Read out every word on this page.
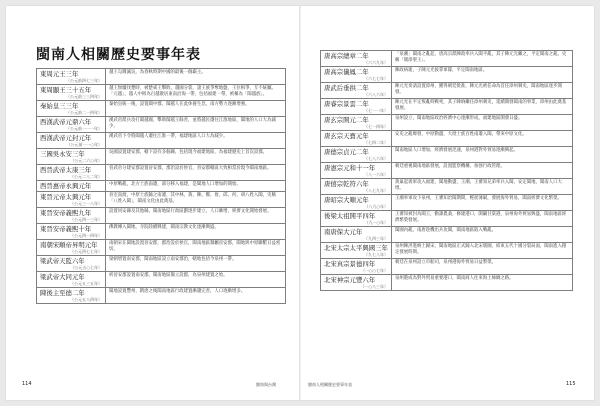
閩南人相關歷史要事年表
東周元王三年
（公元前四七三年）	越王勾踐滅吳，為春秋時期中國的最後一個霸主。

東周顯王三十五年
（公元前三三四年）	越王無疆伐楚時，被楚威王擊敗，越國分裂，諸王族爭奪地盤，王位相爭，互不統屬。「元越」，越人中則為百越散居東南沿海一帶，包括福建一帶，被稱為「閩越族」。

秦始皇三三年
（公元前二一四年）	秦始皇統一後，設置閩中郡，閩越人在此休養生息，南方勢力逐漸增強。

西漢武帝元鼎六年
（公元前一一一年）	漢武帝派兵攻打閩越國，擊敗閩越王餘善，並將越民遷往江淮地區，閩地的人口大為減少。

西漢武帝元封元年
（公元前一一○年）	漢武帝下令將閩越人遷往江淮一帶，福建地區人口大為減少。

三國吳永安三年
（公元二六○年）	吳國設置建安郡，轄下設有多個縣，包括現今福建地區，為福建歷史上首次設郡。

西晉武帝太康三年
（公元二八二年）	晉武帝分建安郡設置晉安郡，郡治設於侯官，晉安郡轄區大致相當於現今閩南地區。

西晉惠帝永興元年	中原戰亂，北方士族南遷，部分移入福建，是閩地人口增加的開始。

東晉元帝太興元年
（公元三一八年）	晉室南渡，中原士族隨之南遷，其中林、黃、陳、鄭、詹、邱、何、胡八姓入閩，史稱「八姓入閩」，閩南文化由此奠基。

東晉安帝義熙九年
（公元四一三年）	設置同安縣及其他縣，閩南地區行政區劃逐步建立，人口漸增，經濟文化開始發展。

東晉安帝義熙十年
（公元四一四年）	佛教傳入閩地，寺院陸續興建，閩南宗教文化逐漸興盛。

南朝宋順帝昇明元年
（公元四七七年）	南朝宋在閩地設置晉安郡，郡治設於侯官，閩南地區隸屬晉安郡，閩地與中原聯繫日益密切。

梁武帝天監六年
（公元五○七年）	梁朝增置南安郡，閩南地區設立南安郡治，轄地包括今泉州一帶。

梁武帝大同元年
（公元五三五年）	析晉安郡設置南安郡，閩南地區獨立設郡，為泉州建置之始。

陳後主至德二年
（公元五八四年）	閩地設置豐州，隋唐之後閩南地區行政建置漸趨完善，人口逐漸增多。
唐高宗總章二年
（六六九年）	「泉潮」閩南之亂起，唐高宗派陳政率兵入閩平亂，其子陳元光繼之，平定閩南之亂，史稱「開漳聖王」。

唐高宗儀鳳二年
（六七七年）	陳政病逝，子陳元光接掌軍隊，平定閩南地區。

唐武后垂拱二年
（六八六年）	陳元光奏請設置漳州，獲得朝廷批准，陳元光被任命為首任漳州刺史，閩南地區逐步開發。

唐睿宗景雲二年
（七一一年）	陳元光在平定叛亂時戰死，其子陳珦繼任漳州刺史，延續開發閩南的事業，漳州由此奠基發展。

唐玄宗開元二年
（七一四年）	泉州設立，閩南地區政治經濟中心逐漸形成，福建地區開發日盛。

唐玄宗天寶元年
（七四二年）	安史之亂爆發，中原動盪，大批士族百姓南遷入閩，帶來中原文化。

唐德宗貞元二年
（七八六年）	閩南地區人口增加，經濟發展迅速，泉州港對外貿易逐漸興起。

唐憲宗元和十一年
（八一六年）	朝廷重視閩南地區發展，設置監察機構，加強行政管理。

唐僖宗乾符六年
（八七九年）	黃巢起義軍攻入福建，閩地動盪，王潮、王審知兄弟率兵入閩，安定閩地，閩南人口大增。

唐昭宗大順元年
（八九○年）	王潮率軍攻下泉州，王審知治閩期間，輕徭薄賦，發展海外貿易，閩南經濟文化繁榮。

後梁太祖開平四年
（九一○年）	王審知被封為閩王，勸課農桑，修建港口，開闢甘棠港，泉州海外貿易興盛，閩南地區經濟繁榮發展。

南唐保大元年
（九四三年）	閩國內亂，南唐趁機出兵攻閩，閩南地區陷入戰亂。

北宋太宗太平興國三年
（九七八年）	泉州陳洪進納土歸宋，閩南地區正式歸入北宋版圖，結束五代十國分裂局面，閩南進入穩定發展時期。

北宋真宗景德四年
（一○○七年）	朝廷在泉州設立市舶司，泉州港海外貿易日益繁榮。

北宋神宗元豐六年
（一○八三年）	泉州港成為對外貿易重要港口，閩南商人往來海上絲綢之路。
114	閩南與台灣	閩南人相關歷史要事年表	115
